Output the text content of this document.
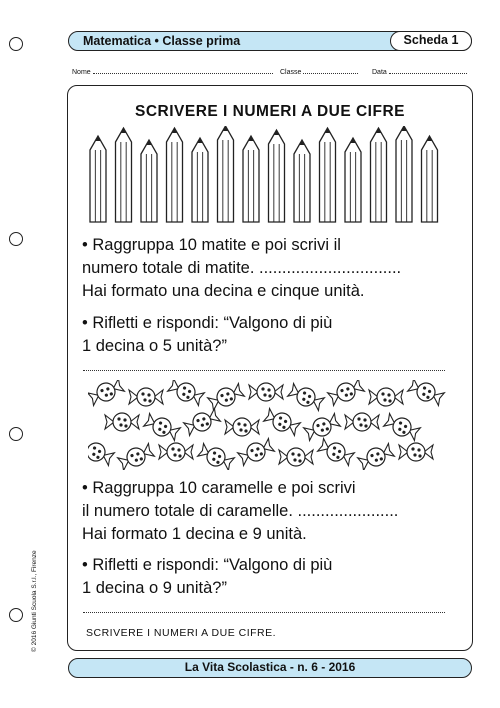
Matematica • Classe prima	Scheda 1
Nome	Classe	Data
SCRIVERE I NUMERI A DUE CIFRE
• Raggruppa 10 matite e poi scrivi il
numero totale di matite. ...............................
Hai formato una decina e cinque unità.
• Rifletti e rispondi: “Valgono di più
1 decina o 5 unità?”
• Raggruppa 10 caramelle e poi scrivi
il numero totale di caramelle. ......................
Hai formato 1 decina e 9 unità.
• Rifletti e rispondi: “Valgono di più
1 decina o 9 unità?”
SCRIVERE I NUMERI A DUE CIFRE.
© 2016 Giunti Scuola S.r.l., Firenze
La Vita Scolastica - n. 6 - 2016
